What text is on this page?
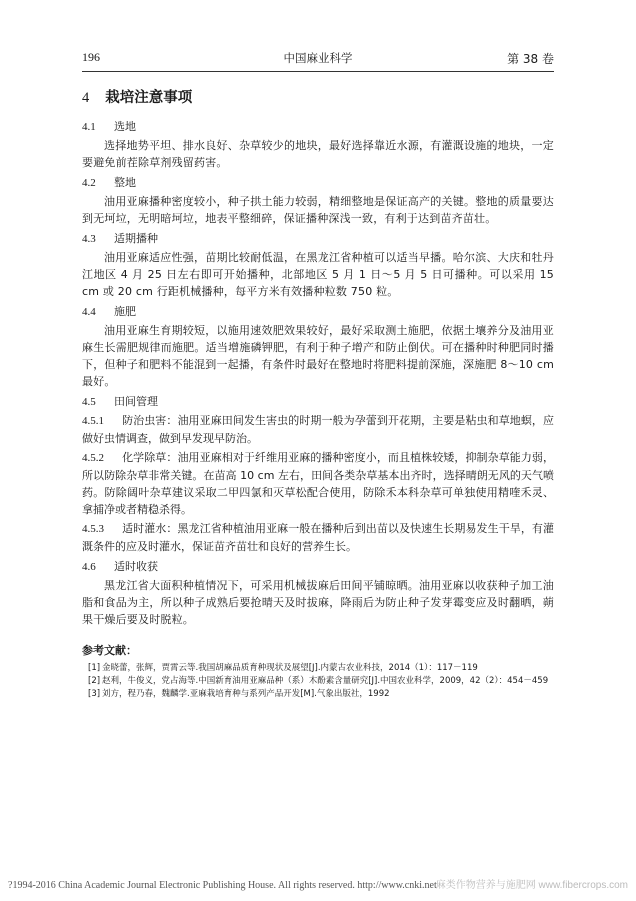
196	中国麻业科学	第 38 卷
4 栽培注意事项
4.1 选地

选择地势平坦、排水良好、杂草较少的地块，最好选择靠近水源，有灌溉设施的地块，一定要避免前茬除草剂残留药害。

4.2 整地

油用亚麻播种密度较小，种子拱土能力较弱，精细整地是保证高产的关键。整地的质量要达到无坷垃，无明暗坷垃，地表平整细碎，保证播种深浅一致，有利于达到苗齐苗壮。

4.3 适期播种

油用亚麻适应性强，苗期比较耐低温，在黑龙江省种植可以适当早播。哈尔滨、大庆和牡丹江地区 4 月 25 日左右即可开始播种，北部地区 5 月 1 日～5 月 5 日可播种。可以采用 15 cm 或 20 cm 行距机械播种，每平方米有效播种粒数 750 粒。

4.4 施肥

油用亚麻生育期较短，以施用速效肥效果较好，最好采取测土施肥，依据土壤养分及油用亚麻生长需肥规律而施肥。适当增施磷钾肥，有利于种子增产和防止倒伏。可在播种时种肥同时播下，但种子和肥料不能混到一起播，有条件时最好在整地时将肥料提前深施，深施肥 8～10 cm 最好。

4.5 田间管理

4.5.1 防治虫害：油用亚麻田间发生害虫的时期一般为孕蕾到开花期，主要是粘虫和草地螟，应做好虫情调查，做到早发现早防治。

4.5.2 化学除草：油用亚麻相对于纤维用亚麻的播种密度小，而且植株较矮，抑制杂草能力弱，所以防除杂草非常关键。在苗高 10 cm 左右，田间各类杂草基本出齐时，选择晴朗无风的天气喷药。防除阔叶杂草建议采取二甲四氯和灭草松配合使用，防除禾本科杂草可单独使用精喹禾灵、拿捕净或者精稳杀得。

4.5.3 适时灌水：黑龙江省种植油用亚麻一般在播种后到出苗以及快速生长期易发生干旱，有灌溉条件的应及时灌水，保证苗齐苗壮和良好的营养生长。

4.6 适时收获

黑龙江省大面积种植情况下，可采用机械拔麻后田间平铺晾晒。油用亚麻以收获种子加工油脂和食品为主，所以种子成熟后要抢晴天及时拔麻，降雨后为防止种子发芽霉变应及时翻晒，蒴果干燥后要及时脱粒。

参考文献：

[1] 金晓蕾，张辉，贾霄云等.我国胡麻品质育种现状及展望[J].内蒙古农业科技，2014（1）：117－119

[2] 赵利，牛俊义，党占海等.中国新育油用亚麻品种（系）木酚素含量研究[J].中国农业科学，2009，42（2）：454－459

[3] 刘方，程乃春，魏麟学.亚麻栽培育种与系列产品开发[M].气象出版社，1992

?1994-2016 China Academic Journal Electronic Publishing House. All rights reserved. http://www.cnki.net 麻类作物营养与施肥网 www.fibercrops.com
